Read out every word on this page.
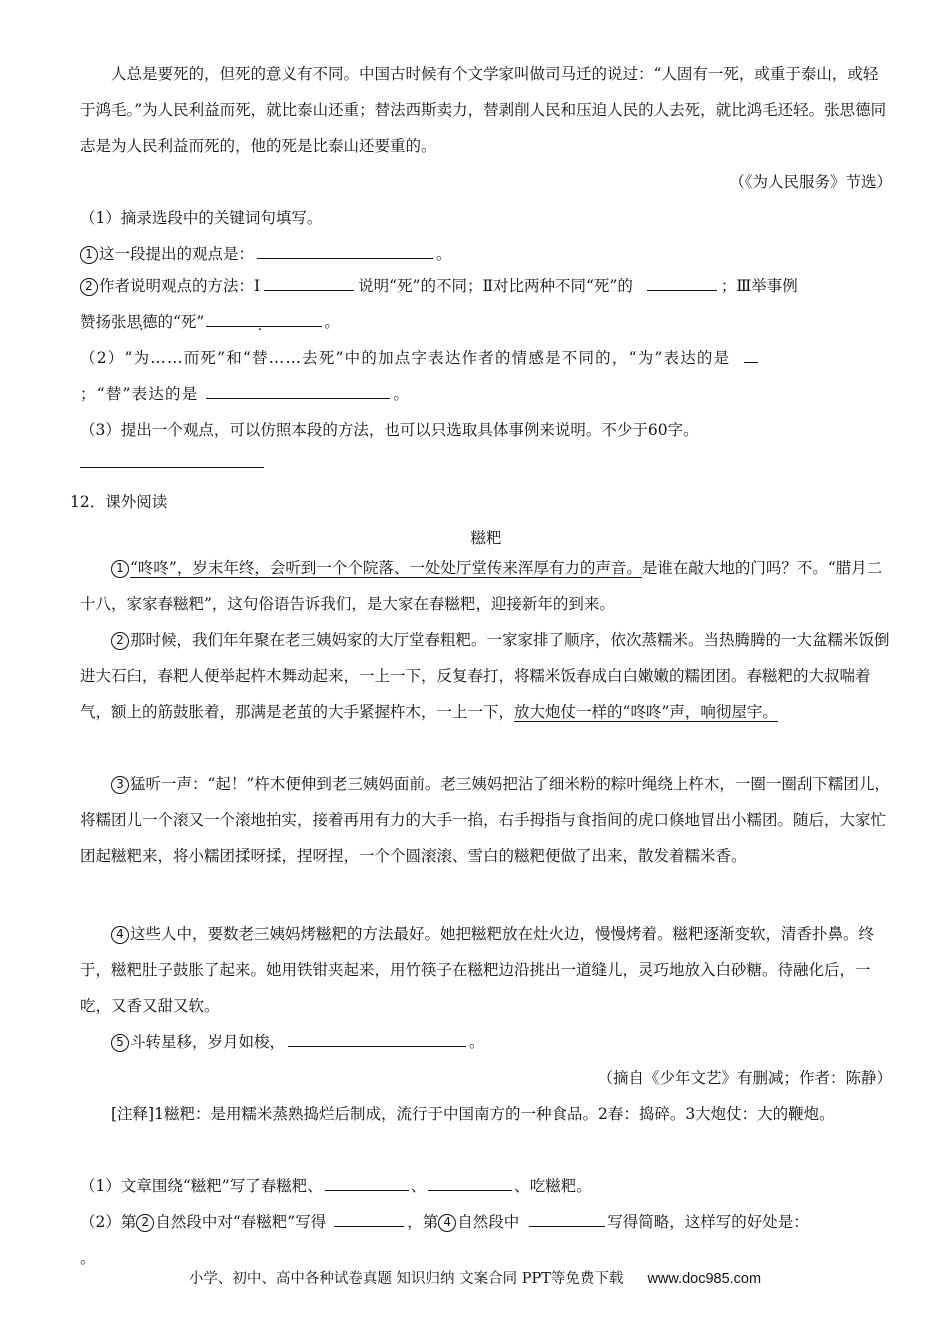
人总是要死的，但死的意义有不同。中国古时候有个文学家叫做司马迁的说过：“人固有一死，或重于泰山，或轻于鸿毛。”为人民利益而死，就比泰山还重；替法西斯卖力，替剥削人民和压迫人民的人去死，就比鸿毛还轻。张思德同志是为人民利益而死的，他的死是比泰山还要重的。

（《为人民服务》节选）

（1）摘录选段中的关键词句填写。

1 这一段提出的观点是：	。

2 作者说明观点的方法：Ⅰ	说明“死”的不同；Ⅱ对比两种不同“死”的	；Ⅲ举事例
赞扬张思德的“死”	。

（2）“为……而死”和“替……去死”中的加点字表达作者的情感是不同的，“为”表达的是
；“替”表达的是	。

（3）提出一个观点，可以仿照本段的方法，也可以只选取具体事例来说明。不少于60字。

12．课外阅读

糍粑

1 “咚咚”，岁末年终，会听到一个个院落、一处处厅堂传来浑厚有力的声音。是谁在敲大地的门吗？不。“腊月二十八，家家春糍粑”，这句俗语告诉我们，是大家在春糍粑，迎接新年的到来。

2 那时候，我们年年聚在老三姨妈家的大厅堂春粗粑。一家家排了顺序，依次蒸糯米。当热腾腾的一大盆糯米饭倒进大石臼，春粑人便举起杵木舞动起来，一上一下，反复春打，将糯米饭春成白白嫩嫩的糯团团。春糍粑的大叔喘着气，额上的筋鼓胀着，那满是老茧的大手紧握杵木，一上一下，放大炮仗一样的“咚咚”声，响彻屋宇。

3 猛听一声：“起！”杵木便伸到老三姨妈面前。老三姨妈把沾了细米粉的粽叶绳绕上杵木，一圈一圈刮下糯团儿，将糯团儿一个滚又一个滚地拍实，接着再用有力的大手一掐，右手拇指与食指间的虎口倏地冒出小糯团。随后，大家忙团起糍粑来，将小糯团揉呀揉，捏呀捏，一个个圆滚滚、雪白的糍粑便做了出来，散发着糯米香。

4 这些人中，要数老三姨妈烤糍粑的方法最好。她把糍粑放在灶火边，慢慢烤着。糍粑逐渐变软，清香扑鼻。终于，糍粑肚子鼓胀了起来。她用铁钳夹起来，用竹筷子在糍粑边沿挑出一道缝儿，灵巧地放入白砂糖。待融化后，一吃，又香又甜又软。

5 斗转星移，岁月如梭，	。

（摘自《少年文艺》有删减；作者：陈静）

[注释]1糍粑：是用糯米蒸熟捣烂后制成，流行于中国南方的一种食品。2春：捣碎。3大炮仗：大的鞭炮。

（1）文章围绕“糍粑”写了春糍粑、	、	、吃糍粑。

（2）第 2 自然段中对“春糍粑”写得	，第 4 自然段中	写得简略，这样写的好处是：
。

小学、初中、高中各种试卷真题 知识归纳 文案合同 PPT等免费下载 www.doc985.com
